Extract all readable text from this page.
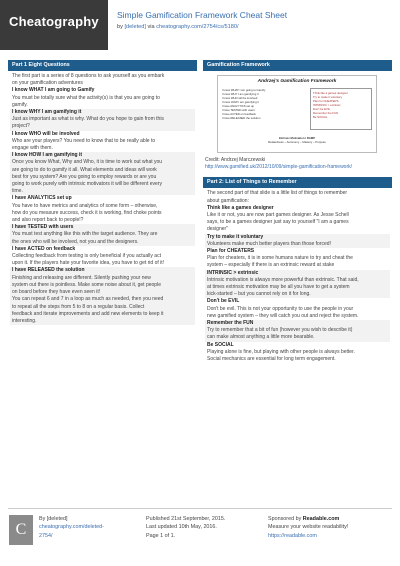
Cheatography Simple Gamification Framework Cheat Sheet
by [deleted] via cheatography.com/2754/cs/5180/
Part 1 Eight Questions
The first part is a series of 8 questions to ask yourself as you embark
on your gamification adventures
I know WHAT I am going to Gamify
You must be totally sure what the activity(s) is that you are going to
gamify.
I know WHY I am gamifying it
Just as important as what is why. What do you hope to gain from this
project?
I know WHO will be involved
Who are your players? You need to know that to be really able to
engage with them.
I know HOW I am gamifying it
Once you know What, Why and Who, it is time to work out what you
are going to do to gamify it all. What elements and ideas will work
best for you system? Are you going to employ rewards or are you
going to work purely with intrinsic motivators it will be different every
time.
I have ANALYTICS set up
You have to have metrics and analytics of some form – otherwise,
how do you measure success, check it is working, find choke points
and also report back to people!?
I have TESTED with users
You must test anything like this with the target audience. They are
the ones who will be involved, not you and the designers.
I have ACTED on feedback
Collecting feedback from testing is only beneficial if you actually act
upon it. If the players hate your favorite idea, you have to get rid of it!
I have RELEASED the solution
Finishing and releasing are different. Silently pushing your new
system out there is pointless. Make some noise about it, get people
on board before they have even seen it!
You can repeat 6 and 7 in a loop as much as needed, then you need
to repeat all the steps from 5 to 8 on a regular basis. Collect
feedback and iterate improvements and add new elements to keep it
interesting.
Gamification Framework
Andrzej's Gamification Framework
I know WHAT I am going to Gamify
I know WHY I am gamifying it
I know WHO will be involved
I know HOW I am gamifying it
I have ANALYTICS set up
I have TESTED with users
I have ACTED on feedback
I have RELEASED the solution
Think like a games designer
Try to make it voluntary
Plan for CHEATERS
INTRINSIC > extrinsic
Don't be EVIL
Remember the FUN
Be SOCIAL
Intrinsic Motivation / RAMP
Relatedness – Autonomy – Mastery – Purpose
Credit: Andrzej Marczewski
http://www.gamified.uk/2012/10/09/simple-gamification-framework/
Part 2: List of Things to Remember
The second part of that slide is a little list of things to remember
about gamification:
Think like a games designer
Like it or not, you are now part games designer. As Jesse Schell
says, to be a games designer just say to yourself "I am a games
designer"
Try to make it voluntary
Volunteers make much better players than those forced!
Plan for CHEATERS
Plan for cheaters, it is in some humans nature to try and cheat the
system – especially if there is an extrinsic reward at stake
INTRINSIC > extrinsic
Intrinsic motivation is always more powerful than extrinsic. That said,
at times extrinsic motivation may be all you have to get a system
kick-started – but you cannot rely on it for long.
Don't be EVIL
Don't be evil. This is not your opportunity to use the people in your
new gamified system – they will catch you out and reject the system.
Remember the FUN
Try to remember that a bit of fun (however you wish to describe it)
can make almost anything a little more bearable.
Be SOCIAL
Playing alone is fine, but playing with other people is always better.
Social mechanics are essential for long term engagement.
C
By [deleted]
cheatography.com/deleted-
2754/
Published 21st September, 2015.
Last updated 10th May, 2016.
Page 1 of 1.
Sponsored by Readable.com
Measure your website readability!
https://readable.com
